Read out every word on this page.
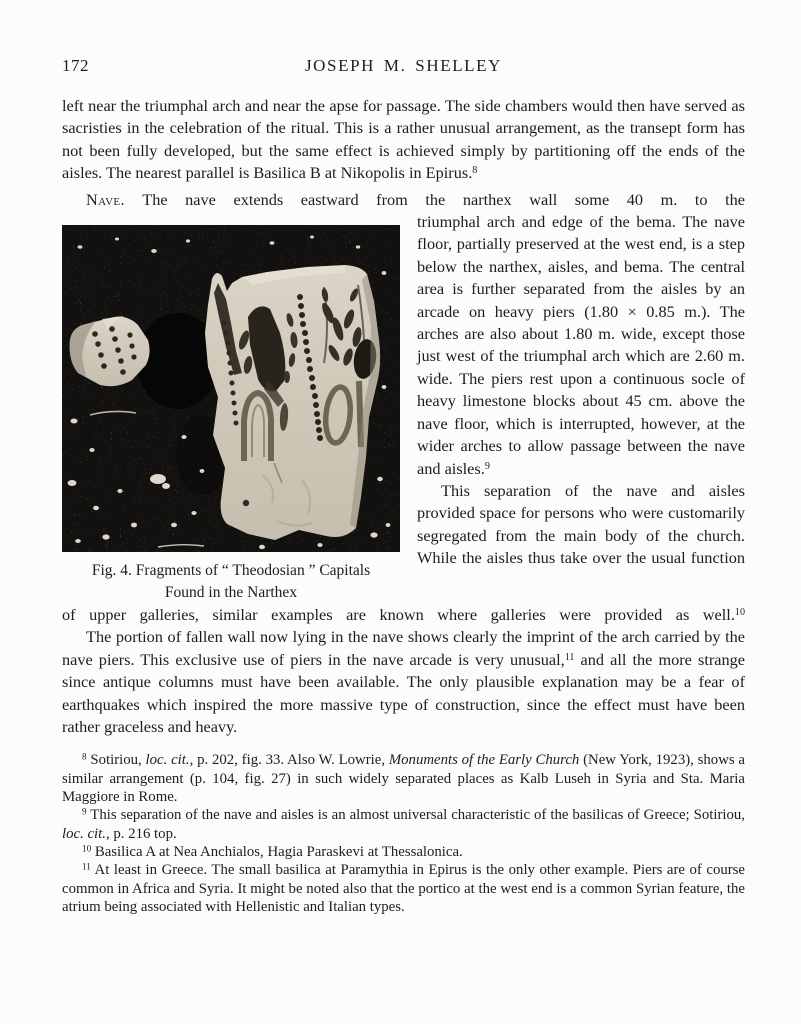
172	JOSEPH M. SHELLEY

left near the triumphal arch and near the apse for passage. The side chambers would then have served as sacristies in the celebration of the ritual. This is a rather unusual arrangement, as the transept form has not been fully developed, but the same effect is achieved simply by partitioning off the ends of the aisles. The nearest parallel is Basilica B at Nikopolis in Epirus.$^8$

Nave. The nave extends eastward from the narthex wall some 40 m. to the

Fig. 4. Fragments of “ Theodosian ” Capitals
Found in the Narthex

triumphal arch and edge of the bema. The nave floor, partially preserved at the west end, is a step below the narthex, aisles, and bema. The central area is further separated from the aisles by an arcade on heavy piers (1.80 × 0.85 m.). The arches are also about 1.80 m. wide, except those just west of the triumphal arch which are 2.60 m. wide. The piers rest upon a continuous socle of heavy limestone blocks about 45 cm. above the nave floor, which is interrupted, however, at the wider arches to allow passage between the nave and aisles.$^9$

This separation of the nave and aisles provided space for persons who were customarily segregated from the main body of the church. While the aisles thus take over the usual function

of upper galleries, similar examples are known where galleries were provided as well.$^{10}$

The portion of fallen wall now lying in the nave shows clearly the imprint of the arch carried by the nave piers. This exclusive use of piers in the nave arcade is very unusual,$^{11}$ and all the more strange since antique columns must have been available. The only plausible explanation may be a fear of earthquakes which inspired the more massive type of construction, since the effect must have been rather graceless and heavy.

$^8$ Sotiriou, loc. cit., p. 202, fig. 33. Also W. Lowrie, Monuments of the Early Church (New York, 1923), shows a similar arrangement (p. 104, fig. 27) in such widely separated places as Kalb Luseh in Syria and Sta. Maria Maggiore in Rome.

$^9$ This separation of the nave and aisles is an almost universal characteristic of the basilicas of Greece; Sotiriou, loc. cit., p. 216 top.

$^{10}$ Basilica A at Nea Anchialos, Hagia Paraskevi at Thessalonica.

$^{11}$ At least in Greece. The small basilica at Paramythia in Epirus is the only other example. Piers are of course common in Africa and Syria. It might be noted also that the portico at the west end is a common Syrian feature, the atrium being associated with Hellenistic and Italian types.
